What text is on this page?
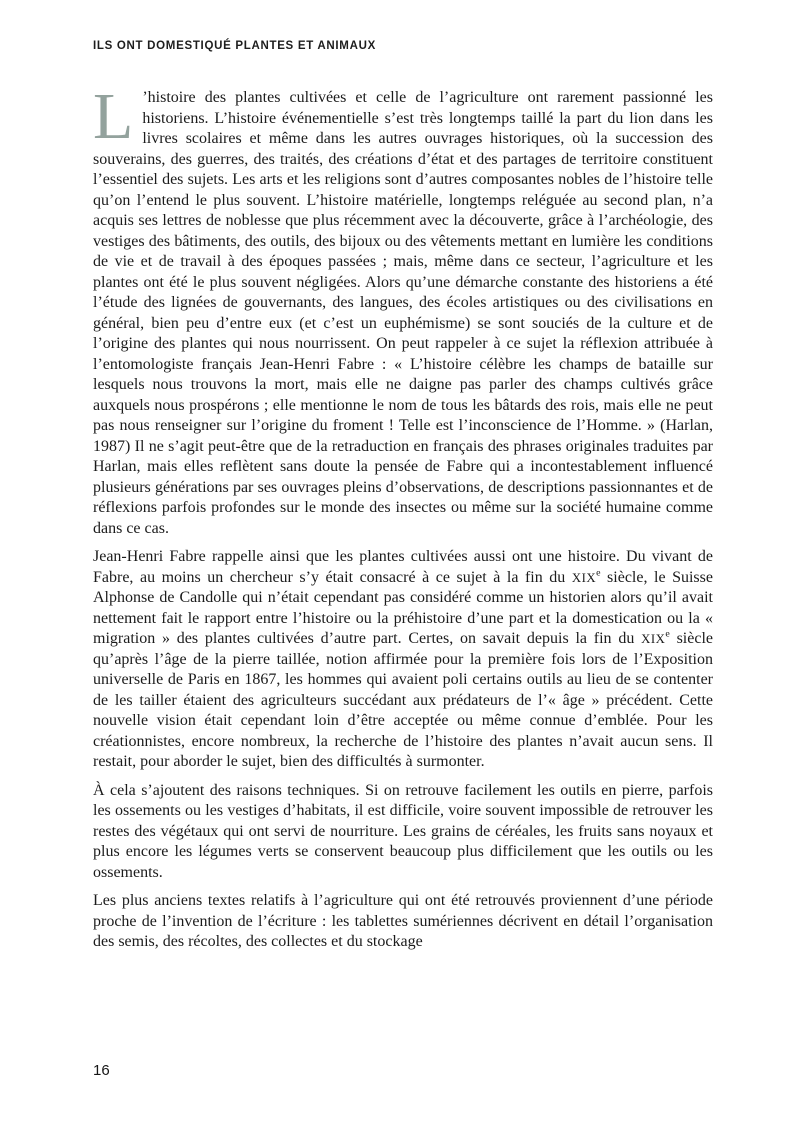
ILS ONT DOMESTIQUÉ PLANTES ET ANIMAUX

L ’histoire des plantes cultivées et celle de l’agriculture ont rarement passionné les historiens. L’histoire événementielle s’est très longtemps taillé la part du lion dans les livres scolaires et même dans les autres ouvrages historiques, où la succession des souverains, des guerres, des traités, des créations d’état et des partages de territoire constituent l’essentiel des sujets. Les arts et les religions sont d’autres composantes nobles de l’histoire telle qu’on l’entend le plus souvent. L’histoire matérielle, longtemps reléguée au second plan, n’a acquis ses lettres de noblesse que plus récemment avec la découverte, grâce à l’archéologie, des vestiges des bâtiments, des outils, des bijoux ou des vêtements mettant en lumière les conditions de vie et de travail à des époques passées ; mais, même dans ce secteur, l’agriculture et les plantes ont été le plus souvent négligées. Alors qu’une démarche constante des historiens a été l’étude des lignées de gouvernants, des langues, des écoles artistiques ou des civilisations en général, bien peu d’entre eux (et c’est un euphémisme) se sont souciés de la culture et de l’origine des plantes qui nous nourrissent. On peut rappeler à ce sujet la réflexion attribuée à l’entomologiste français Jean-Henri Fabre : « L’histoire célèbre les champs de bataille sur lesquels nous trouvons la mort, mais elle ne daigne pas parler des champs cultivés grâce auxquels nous prospérons ; elle mentionne le nom de tous les bâtards des rois, mais elle ne peut pas nous renseigner sur l’origine du froment ! Telle est l’inconscience de l’Homme. » (Harlan, 1987) Il ne s’agit peut-être que de la retraduction en français des phrases originales traduites par Harlan, mais elles reflètent sans doute la pensée de Fabre qui a incontestablement influencé plusieurs générations par ses ouvrages pleins d’observations, de descriptions passionnantes et de réflexions parfois profondes sur le monde des insectes ou même sur la société humaine comme dans ce cas.

Jean-Henri Fabre rappelle ainsi que les plantes cultivées aussi ont une histoire. Du vivant de Fabre, au moins un chercheur s’y était consacré à ce sujet à la fin du XIXe siècle, le Suisse Alphonse de Candolle qui n’était cependant pas considéré comme un historien alors qu’il avait nettement fait le rapport entre l’histoire ou la préhistoire d’une part et la domestication ou la « migration » des plantes cultivées d’autre part. Certes, on savait depuis la fin du XIXe siècle qu’après l’âge de la pierre taillée, notion affirmée pour la première fois lors de l’Exposition universelle de Paris en 1867, les hommes qui avaient poli certains outils au lieu de se contenter de les tailler étaient des agriculteurs succédant aux prédateurs de l’« âge » précédent. Cette nouvelle vision était cependant loin d’être acceptée ou même connue d’emblée. Pour les créationnistes, encore nombreux, la recherche de l’histoire des plantes n’avait aucun sens. Il restait, pour aborder le sujet, bien des difficultés à surmonter.

À cela s’ajoutent des raisons techniques. Si on retrouve facilement les outils en pierre, parfois les ossements ou les vestiges d’habitats, il est difficile, voire souvent impossible de retrouver les restes des végétaux qui ont servi de nourriture. Les grains de céréales, les fruits sans noyaux et plus encore les légumes verts se conservent beaucoup plus difficilement que les outils ou les ossements.

Les plus anciens textes relatifs à l’agriculture qui ont été retrouvés proviennent d’une période proche de l’invention de l’écriture : les tablettes sumériennes décrivent en détail l’organisation des semis, des récoltes, des collectes et du stockage

16
